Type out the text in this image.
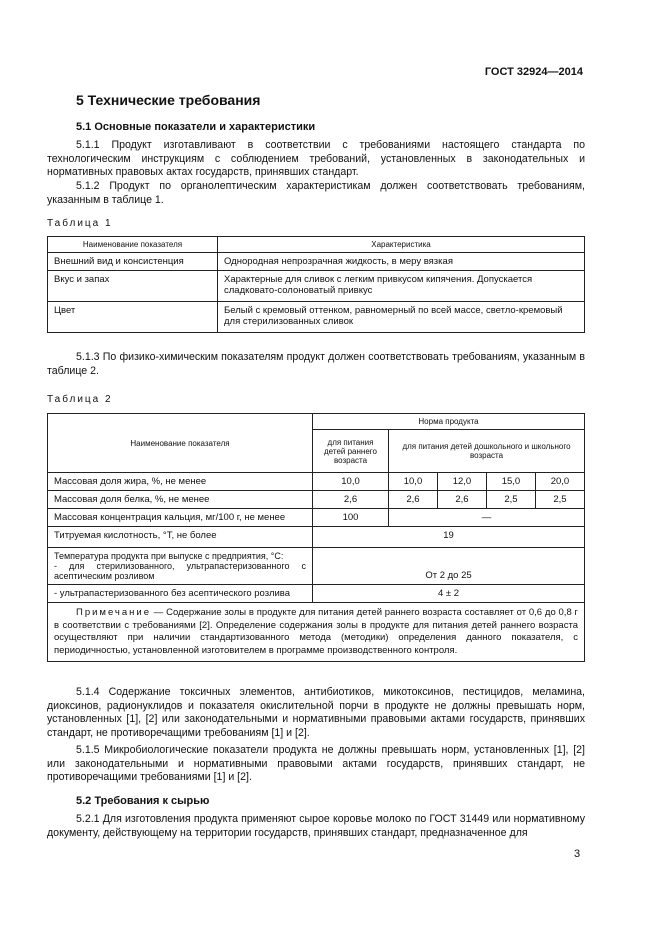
ГОСТ 32924—2014
5 Технические требования
5.1 Основные показатели и характеристики
5.1.1 Продукт изготавливают в соответствии с требованиями настоящего стандарта по технологическим инструкциям с соблюдением требований, установленных в законодательных и нормативных правовых актах государств, принявших стандарт.
5.1.2 Продукт по органолептическим характеристикам должен соответствовать требованиям, указанным в таблице 1.
Таблица 1
Наименование показателя	Характеристика
Внешний вид и консистенция	Однородная непрозрачная жидкость, в меру вязкая
Вкус и запах	Характерные для сливок с легким привкусом кипячения. Допускается сладковато-солоноватый привкус
Цвет	Белый с кремовый оттенком, равномерный по всей массе, светло-кремовый для стерилизованных сливок
5.1.3 По физико-химическим показателям продукт должен соответствовать требованиям, указанным в таблице 2.
Таблица 2
Наименование показателя	Норма продукта				
	для питания детей раннего возраста	для питания детей дошкольного и школьного возраста			
Массовая доля жира, %, не менее	10,0	10,0	12,0	15,0	20,0
Массовая доля белка, %, не менее	2,6	2,6	2,6	2,5	2,5
Массовая концентрация кальция, мг/100 г, не менее	100	—			
Титруемая кислотность, °Т, не более	19				

Температура продукта при выпуске с предприятия, °С:
- для стерилизованного, ультрапастеризованного с асептическим розливом	От 2 до 25				
- ультрапастеризованного без асептического розлива	4 ± 2				
Примечание — Содержание золы в продукте для питания детей раннего возраста составляет от 0,6 до 0,8 г в соответствии с требованиями [2]. Определение содержания золы в продукте для питания детей раннего возраста осуществляют при наличии стандартизованного метода (методики) определения данного показателя, с периодичностью, установленной изготовителем в программе производственного контроля.					
5.1.4 Содержание токсичных элементов, антибиотиков, микотоксинов, пестицидов, меламина, диоксинов, радионуклидов и показателя окислительной порчи в продукте не должны превышать норм, установленных [1], [2] или законодательными и нормативными правовыми актами государств, принявших стандарт, не противоречащими требованиям [1] и [2].
5.1.5 Микробиологические показатели продукта не должны превышать норм, установленных [1], [2] или законодательными и нормативными правовыми актами государств, принявших стандарт, не противоречащими требованиями [1] и [2].
5.2 Требования к сырью
5.2.1 Для изготовления продукта применяют сырое коровье молоко по ГОСТ 31449 или нормативному документу, действующему на территории государств, принявших стандарт, предназначенное для
3
